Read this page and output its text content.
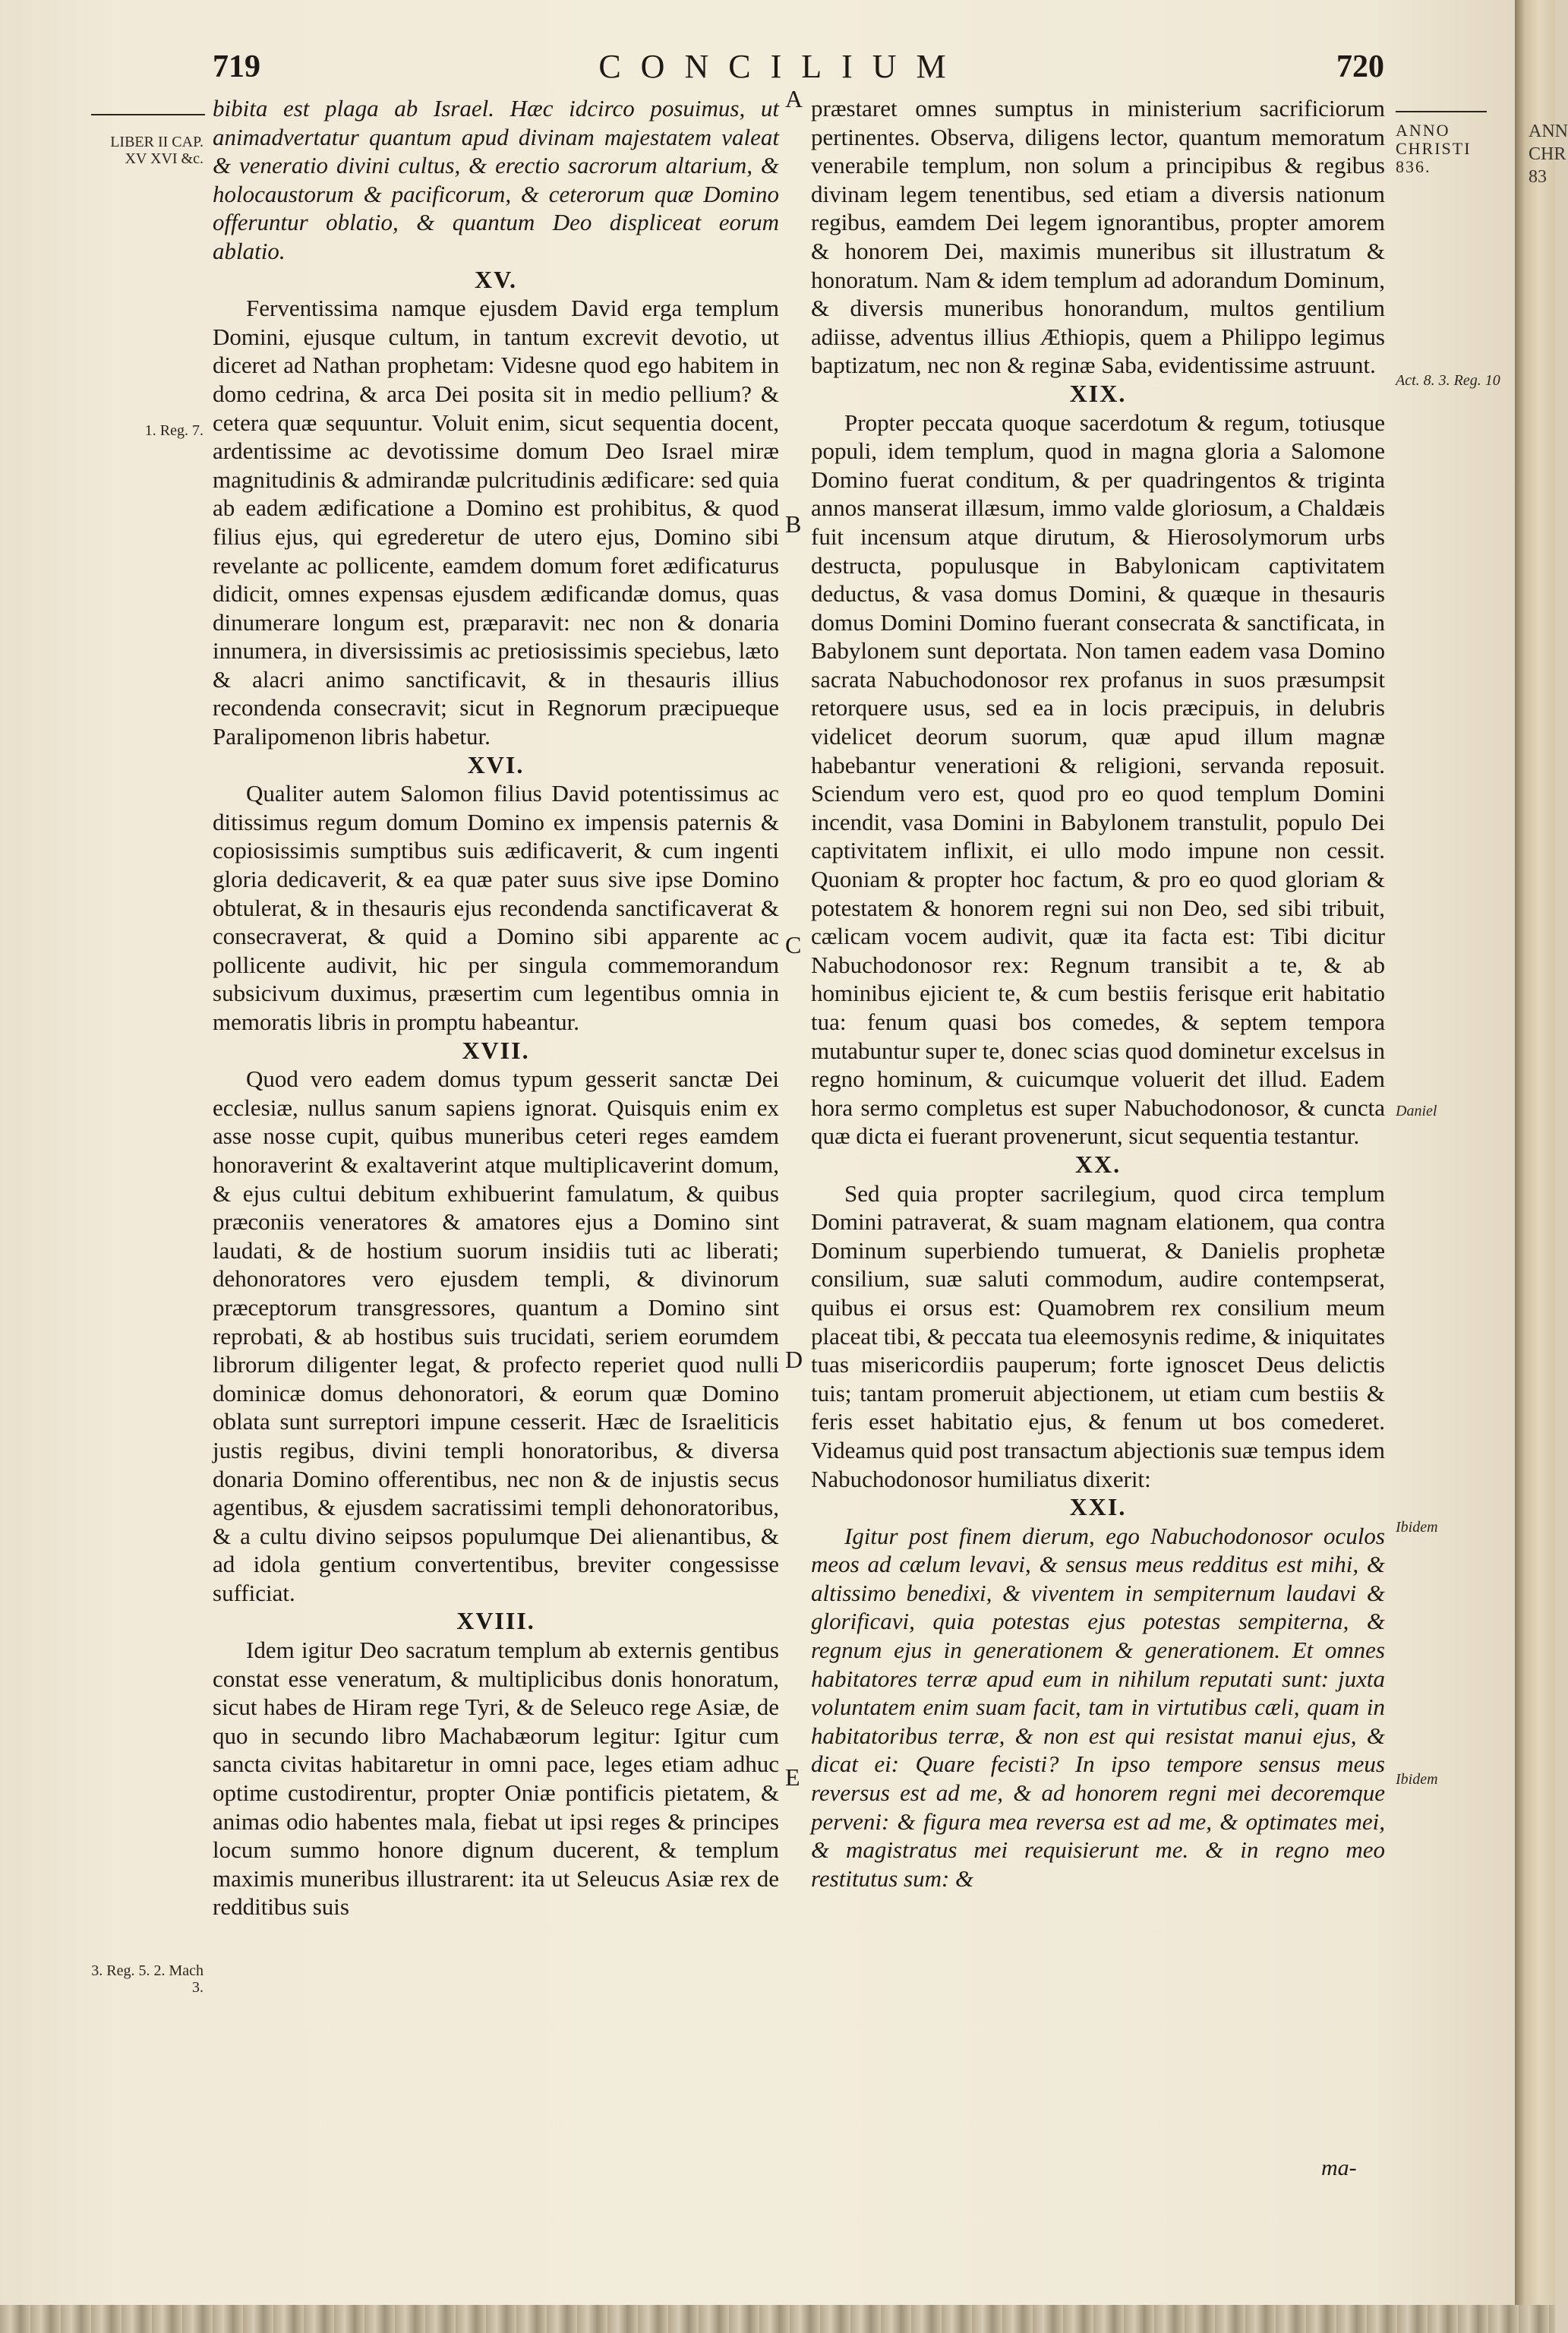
719	CONCILIUM	720
LIBER II CAP. XV XVI &c.
1. Reg. 7.
3. Reg. 5. 2. Mach 3.
ANNO CHRISTI 836.
Act. 8. 3. Reg. 10
Daniel
Ibidem
Ibidem
A
B
C
D
E

bibita est plaga ab Israel. Hæc idcirco posuimus, ut animadvertatur quantum apud divinam majestatem valeat & veneratio divini cultus, & erectio sacrorum altarium, & holocaustorum & pacificorum, & ceterorum quæ Domino offeruntur oblatio, & quantum Deo displiceat eorum ablatio.

XV.

Ferventissima namque ejusdem David erga templum Domini, ejusque cultum, in tantum excrevit devotio, ut diceret ad Nathan prophetam: Videsne quod ego habitem in domo cedrina, & arca Dei posita sit in medio pellium? & cetera quæ sequuntur. Voluit enim, sicut sequentia docent, ardentissime ac devotissime domum Deo Israel miræ magnitudinis & admirandæ pulcritudinis ædificare: sed quia ab eadem ædificatione a Domino est prohibitus, & quod filius ejus, qui egrederetur de utero ejus, Domino sibi revelante ac pollicente, eamdem domum foret ædificaturus didicit, omnes expensas ejusdem ædificandæ domus, quas dinumerare longum est, præparavit: nec non & donaria innumera, in diversissimis ac pretiosissimis speciebus, læto & alacri animo sanctificavit, & in thesauris illius recondenda consecravit; sicut in Regnorum præcipueque Paralipomenon libris habetur.

XVI.

Qualiter autem Salomon filius David potentissimus ac ditissimus regum domum Domino ex impensis paternis & copiosissimis sumptibus suis ædificaverit, & cum ingenti gloria dedicaverit, & ea quæ pater suus sive ipse Domino obtulerat, & in thesauris ejus recondenda sanctificaverat & consecraverat, & quid a Domino sibi apparente ac pollicente audivit, hic per singula commemorandum subsicivum duximus, præsertim cum legentibus omnia in memoratis libris in promptu habeantur.

XVII.

Quod vero eadem domus typum gesserit sanctæ Dei ecclesiæ, nullus sanum sapiens ignorat. Quisquis enim ex asse nosse cupit, quibus muneribus ceteri reges eamdem honoraverint & exaltaverint atque multiplicaverint domum, & ejus cultui debitum exhibuerint famulatum, & quibus præconiis veneratores & amatores ejus a Domino sint laudati, & de hostium suorum insidiis tuti ac liberati; dehonoratores vero ejusdem templi, & divinorum præceptorum transgressores, quantum a Domino sint reprobati, & ab hostibus suis trucidati, seriem eorumdem librorum diligenter legat, & profecto reperiet quod nulli dominicæ domus dehonoratori, & eorum quæ Domino oblata sunt surreptori impune cesserit. Hæc de Israeliticis justis regibus, divini templi honoratoribus, & diversa donaria Domino offerentibus, nec non & de injustis secus agentibus, & ejusdem sacratissimi templi dehonoratoribus, & a cultu divino seipsos populumque Dei alienantibus, & ad idola gentium convertentibus, breviter congessisse sufficiat.

XVIII.

Idem igitur Deo sacratum templum ab externis gentibus constat esse veneratum, & multiplicibus donis honoratum, sicut habes de Hiram rege Tyri, & de Seleuco rege Asiæ, de quo in secundo libro Machabæorum legitur: Igitur cum sancta civitas habitaretur in omni pace, leges etiam adhuc optime custodirentur, propter Oniæ pontificis pietatem, & animas odio habentes mala, fiebat ut ipsi reges & principes locum summo honore dignum ducerent, & templum maximis muneribus illustrarent: ita ut Seleucus Asiæ rex de redditibus suis

præstaret omnes sumptus in ministerium sacrificiorum pertinentes. Observa, diligens lector, quantum memoratum venerabile templum, non solum a principibus & regibus divinam legem tenentibus, sed etiam a diversis nationum regibus, eamdem Dei legem ignorantibus, propter amorem & honorem Dei, maximis muneribus sit illustratum & honoratum. Nam & idem templum ad adorandum Dominum, & diversis muneribus honorandum, multos gentilium adiisse, adventus illius Æthiopis, quem a Philippo legimus baptizatum, nec non & reginæ Saba, evidentissime astruunt.

XIX.

Propter peccata quoque sacerdotum & regum, totiusque populi, idem templum, quod in magna gloria a Salomone Domino fuerat conditum, & per quadringentos & triginta annos manserat illæsum, immo valde gloriosum, a Chaldæis fuit incensum atque dirutum, & Hierosolymorum urbs destructa, populusque in Babylonicam captivitatem deductus, & vasa domus Domini, & quæque in thesauris domus Domini Domino fuerant consecrata & sanctificata, in Babylonem sunt deportata. Non tamen eadem vasa Domino sacrata Nabuchodonosor rex profanus in suos præsumpsit retorquere usus, sed ea in locis præcipuis, in delubris videlicet deorum suorum, quæ apud illum magnæ habebantur venerationi & religioni, servanda reposuit. Sciendum vero est, quod pro eo quod templum Domini incendit, vasa Domini in Babylonem transtulit, populo Dei captivitatem inflixit, ei ullo modo impune non cessit. Quoniam & propter hoc factum, & pro eo quod gloriam & potestatem & honorem regni sui non Deo, sed sibi tribuit, cælicam vocem audivit, quæ ita facta est: Tibi dicitur Nabuchodonosor rex: Regnum transibit a te, & ab hominibus ejicient te, & cum bestiis ferisque erit habitatio tua: fenum quasi bos comedes, & septem tempora mutabuntur super te, donec scias quod dominetur excelsus in regno hominum, & cuicumque voluerit det illud. Eadem hora sermo completus est super Nabuchodonosor, & cuncta quæ dicta ei fuerant provenerunt, sicut sequentia testantur.

XX.

Sed quia propter sacrilegium, quod circa templum Domini patraverat, & suam magnam elationem, qua contra Dominum superbiendo tumuerat, & Danielis prophetæ consilium, suæ saluti commodum, audire contempserat, quibus ei orsus est: Quamobrem rex consilium meum placeat tibi, & peccata tua eleemosynis redime, & iniquitates tuas misericordiis pauperum; forte ignoscet Deus delictis tuis; tantam promeruit abjectionem, ut etiam cum bestiis & feris esset habitatio ejus, & fenum ut bos comederet. Videamus quid post transactum abjectionis suæ tempus idem Nabuchodonosor humiliatus dixerit:

XXI.

Igitur post finem dierum, ego Nabuchodonosor oculos meos ad cælum levavi, & sensus meus redditus est mihi, & altissimo benedixi, & viventem in sempiternum laudavi & glorificavi, quia potestas ejus potestas sempiterna, & regnum ejus in generationem & generationem. Et omnes habitatores terræ apud eum in nihilum reputati sunt: juxta voluntatem enim suam facit, tam in virtutibus cæli, quam in habitatoribus terræ, & non est qui resistat manui ejus, & dicat ei: Quare fecisti? In ipso tempore sensus meus reversus est ad me, & ad honorem regni mei decoremque perveni: & figura mea reversa est ad me, & optimates mei, & magistratus mei requisierunt me. & in regno meo restitutus sum: &

ma-
ANN
CHR
83
